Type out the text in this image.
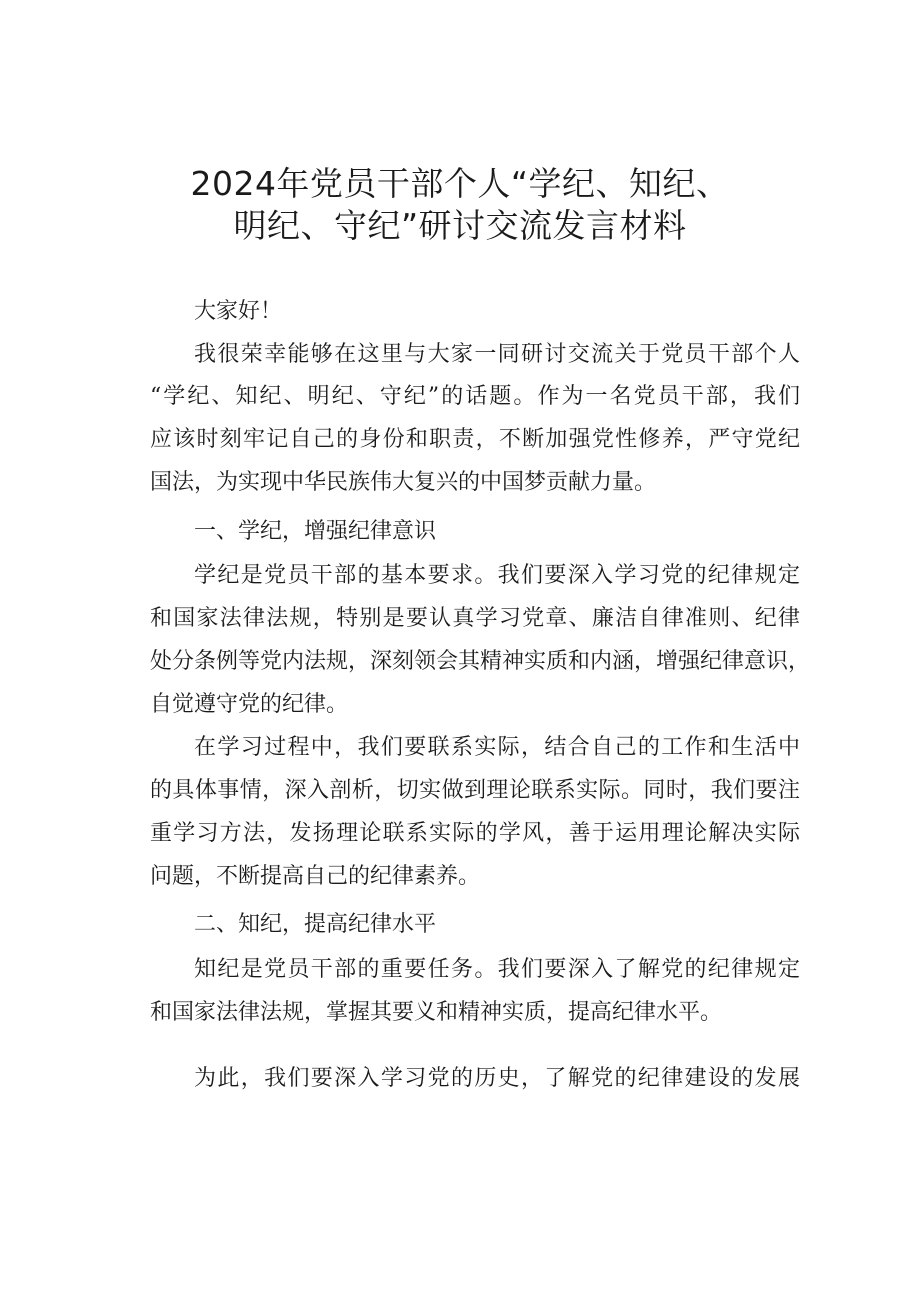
2024年党员干部个人“学纪、知纪、
明纪、守纪”研讨交流发言材料

大家好！

我很荣幸能够在这里与大家一同研讨交流关于党员干部个人

“学纪、知纪、明纪、守纪”的话题。作为一名党员干部，我们

应该时刻牢记自己的身份和职责，不断加强党性修养，严守党纪

国法，为实现中华民族伟大复兴的中国梦贡献力量。

一、学纪，增强纪律意识

学纪是党员干部的基本要求。我们要深入学习党的纪律规定

和国家法律法规，特别是要认真学习党章、廉洁自律准则、纪律

处分条例等党内法规，深刻领会其精神实质和内涵，增强纪律意识，

自觉遵守党的纪律。

在学习过程中，我们要联系实际，结合自己的工作和生活中

的具体事情，深入剖析，切实做到理论联系实际。同时，我们要注

重学习方法，发扬理论联系实际的学风，善于运用理论解决实际

问题，不断提高自己的纪律素养。

二、知纪，提高纪律水平

知纪是党员干部的重要任务。我们要深入了解党的纪律规定

和国家法律法规，掌握其要义和精神实质，提高纪律水平。

为此，我们要深入学习党的历史，了解党的纪律建设的发展
